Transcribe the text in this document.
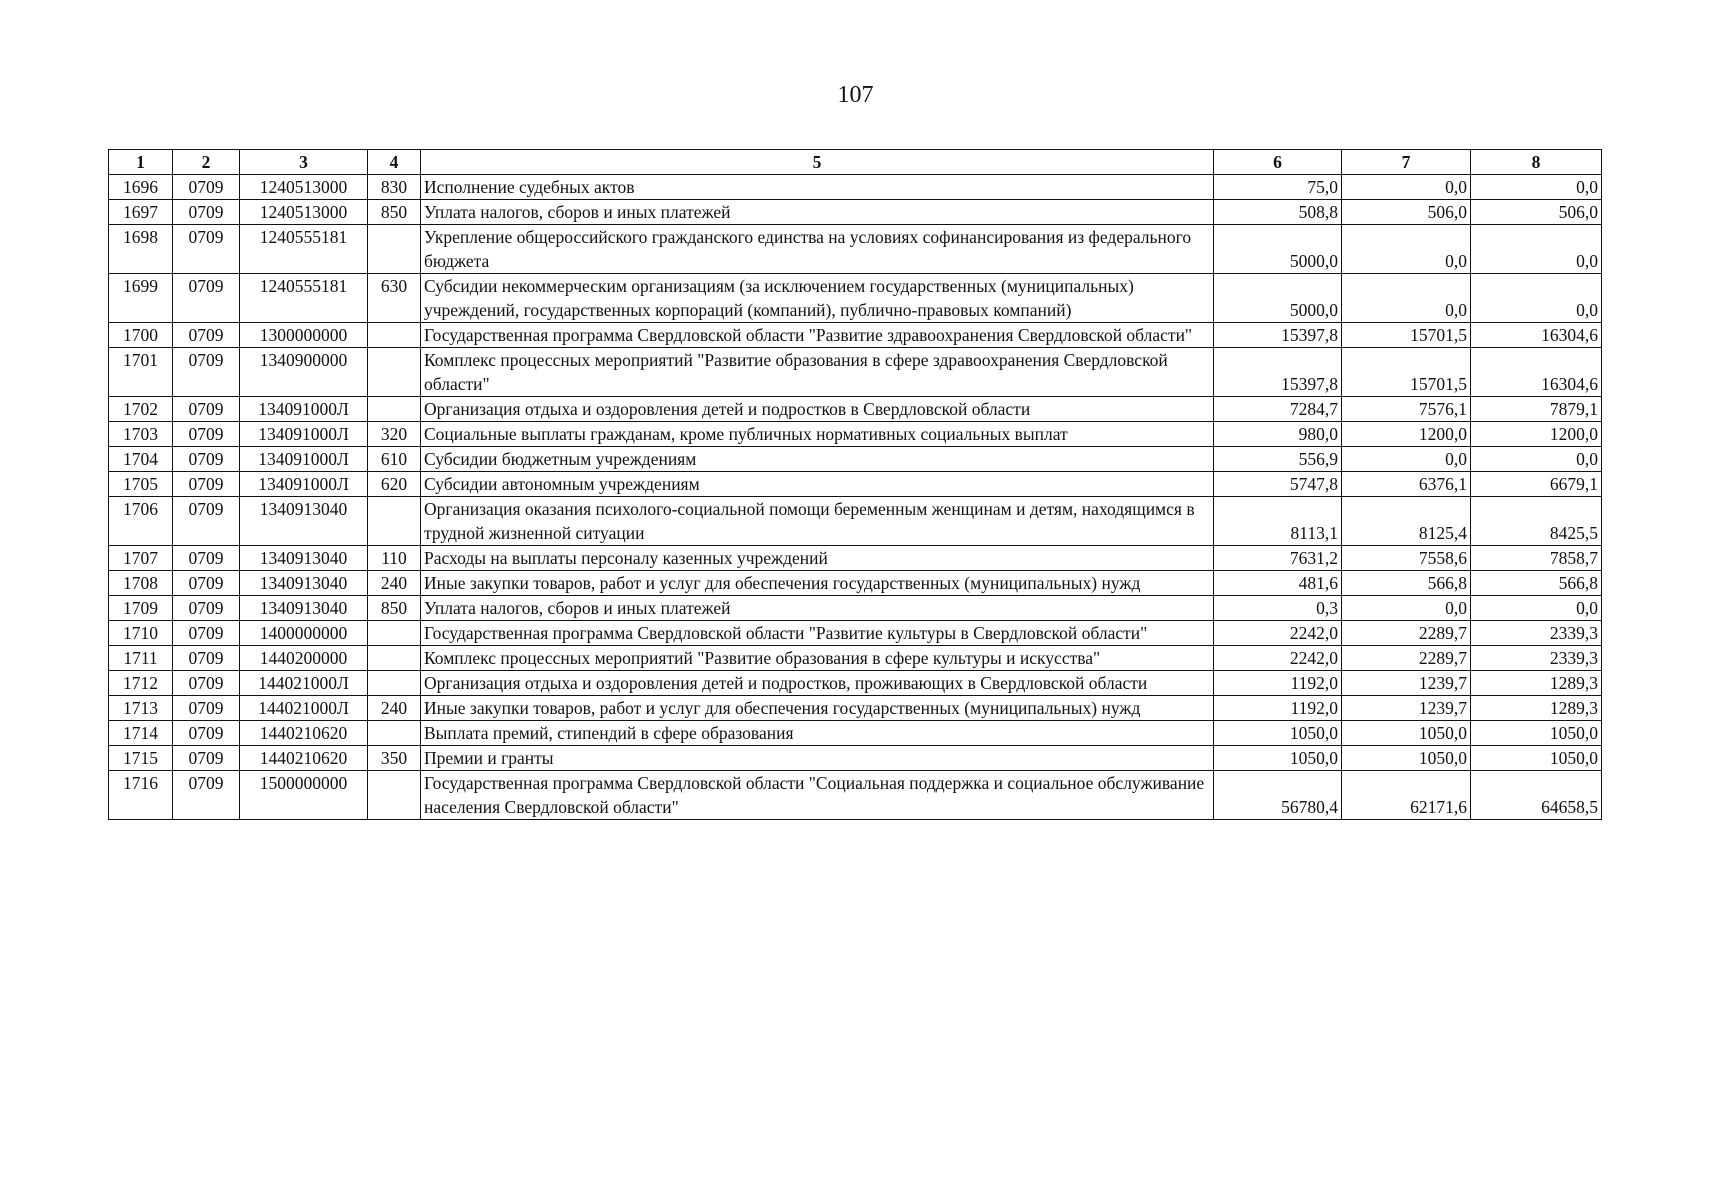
107
1	2	3	4	5	6	7	8
1696	0709	1240513000	830	Исполнение судебных актов	75,0	0,0	0,0
1697	0709	1240513000	850	Уплата налогов, сборов и иных платежей	508,8	506,0	506,0
1698	0709	1240555181		Укрепление общероссийского гражданского единства на условиях софинансирования из федерального бюджета	5000,0	0,0	0,0
1699	0709	1240555181	630	Субсидии некоммерческим организациям (за исключением государственных (муниципальных) учреждений, государственных корпораций (компаний), публично-правовых компаний)	5000,0	0,0	0,0
1700	0709	1300000000		Государственная программа Свердловской области "Развитие здравоохранения Свердловской области"	15397,8	15701,5	16304,6
1701	0709	1340900000		Комплекс процессных мероприятий "Развитие образования в сфере здравоохранения Свердловской области"	15397,8	15701,5	16304,6
1702	0709	134091000Л		Организация отдыха и оздоровления детей и подростков в Свердловской области	7284,7	7576,1	7879,1
1703	0709	134091000Л	320	Социальные выплаты гражданам, кроме публичных нормативных социальных выплат	980,0	1200,0	1200,0
1704	0709	134091000Л	610	Субсидии бюджетным учреждениям	556,9	0,0	0,0
1705	0709	134091000Л	620	Субсидии автономным учреждениям	5747,8	6376,1	6679,1
1706	0709	1340913040		Организация оказания психолого-социальной помощи беременным женщинам и детям, находящимся в трудной жизненной ситуации	8113,1	8125,4	8425,5
1707	0709	1340913040	110	Расходы на выплаты персоналу казенных учреждений	7631,2	7558,6	7858,7
1708	0709	1340913040	240	Иные закупки товаров, работ и услуг для обеспечения государственных (муниципальных) нужд	481,6	566,8	566,8
1709	0709	1340913040	850	Уплата налогов, сборов и иных платежей	0,3	0,0	0,0
1710	0709	1400000000		Государственная программа Свердловской области "Развитие культуры в Свердловской области"	2242,0	2289,7	2339,3
1711	0709	1440200000		Комплекс процессных мероприятий "Развитие образования в сфере культуры и искусства"	2242,0	2289,7	2339,3
1712	0709	144021000Л		Организация отдыха и оздоровления детей и подростков, проживающих в Свердловской области	1192,0	1239,7	1289,3
1713	0709	144021000Л	240	Иные закупки товаров, работ и услуг для обеспечения государственных (муниципальных) нужд	1192,0	1239,7	1289,3
1714	0709	1440210620		Выплата премий, стипендий в сфере образования	1050,0	1050,0	1050,0
1715	0709	1440210620	350	Премии и гранты	1050,0	1050,0	1050,0
1716	0709	1500000000		Государственная программа Свердловской области "Социальная поддержка и социальное обслуживание населения Свердловской области"	56780,4	62171,6	64658,5
